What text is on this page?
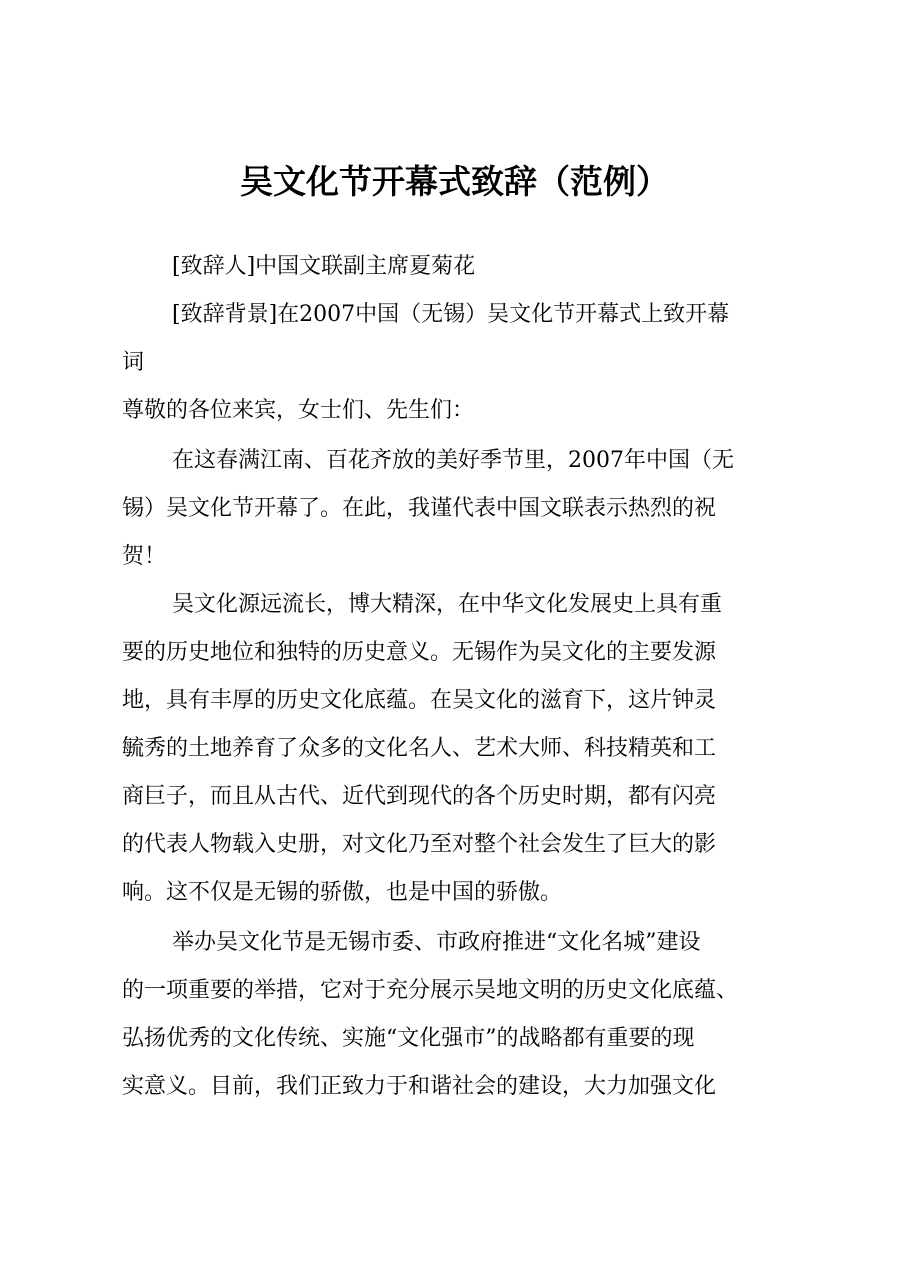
吴文化节开幕式致辞（范例）

[致辞人]中国文联副主席夏菊花

[致辞背景]在2007中国（无锡）吴文化节开幕式上致开幕

词

尊敬的各位来宾，女士们、先生们：

在这春满江南、百花齐放的美好季节里，2007年中国（无

锡）吴文化节开幕了。在此，我谨代表中国文联表示热烈的祝

贺！

吴文化源远流长，博大精深，在中华文化发展史上具有重

要的历史地位和独特的历史意义。无锡作为吴文化的主要发源

地，具有丰厚的历史文化底蕴。在吴文化的滋育下，这片钟灵

毓秀的土地养育了众多的文化名人、艺术大师、科技精英和工

商巨子，而且从古代、近代到现代的各个历史时期，都有闪亮

的代表人物载入史册，对文化乃至对整个社会发生了巨大的影

响。这不仅是无锡的骄傲，也是中国的骄傲。

举办吴文化节是无锡市委、市政府推进“文化名城”建设

的一项重要的举措，它对于充分展示吴地文明的历史文化底蕴、

弘扬优秀的文化传统、实施“文化强市”的战略都有重要的现

实意义。目前，我们正致力于和谐社会的建设，大力加强文化
